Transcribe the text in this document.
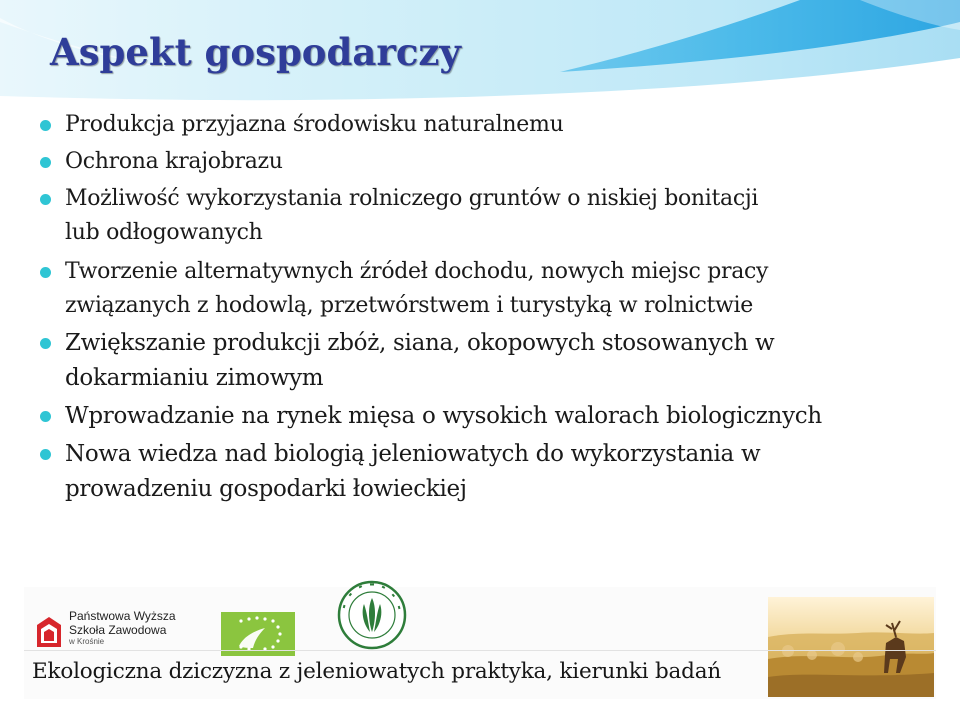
Aspekt gospodarczy
Produkcja przyjazna środowisku naturalnemu
Ochrona krajobrazu
Możliwość wykorzystania rolniczego gruntów o niskiej bonitacji
lub odłogowanych
Tworzenie alternatywnych źródeł dochodu, nowych miejsc pracy
związanych z hodowlą, przetwórstwem i turystyką w rolnictwie
Zwiększanie produkcji zbóż, siana, okopowych stosowanych w
dokarmianiu zimowym
Wprowadzanie na rynek mięsa o wysokich walorach biologicznych
Nowa wiedza nad biologią jeleniowatych do wykorzystania w
prowadzeniu gospodarki łowieckiej
Państwowa Wyższa
Szkoła Zawodowa
w Krośnie

Ekologiczna dziczyzna z jeleniowatych praktyka, kierunki badań
